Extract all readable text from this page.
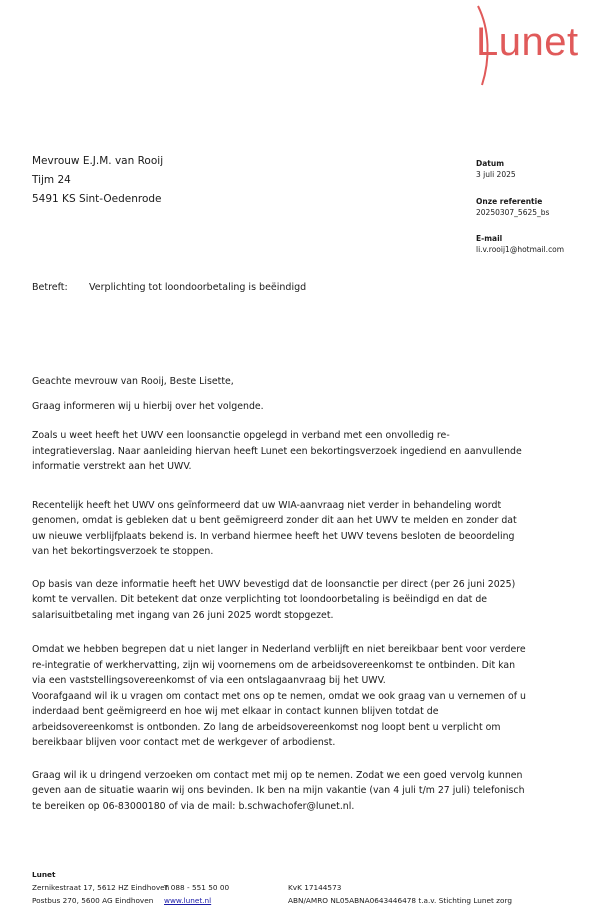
Lunet
Mevrouw E.J.M. van Rooij
Tijm 24
5491 KS Sint-Oedenrode
Datum
3 juli 2025
Onze referentie
20250307_5625_bs
E-mail
li.v.rooij1@hotmail.com
Betreft: Verplichting tot loondoorbetaling is beëindigd

Geachte mevrouw van Rooij, Beste Lisette,

Graag informeren wij u hierbij over het volgende.

Zoals u weet heeft het UWV een loonsanctie opgelegd in verband met een onvolledig re-

integratieverslag. Naar aanleiding hiervan heeft Lunet een bekortingsverzoek ingediend en aanvullende

informatie verstrekt aan het UWV.

Recentelijk heeft het UWV ons geïnformeerd dat uw WIA-aanvraag niet verder in behandeling wordt

genomen, omdat is gebleken dat u bent geëmigreerd zonder dit aan het UWV te melden en zonder dat

uw nieuwe verblijfplaats bekend is. In verband hiermee heeft het UWV tevens besloten de beoordeling

van het bekortingsverzoek te stoppen.

Op basis van deze informatie heeft het UWV bevestigd dat de loonsanctie per direct (per 26 juni 2025)

komt te vervallen. Dit betekent dat onze verplichting tot loondoorbetaling is beëindigd en dat de

salarisuitbetaling met ingang van 26 juni 2025 wordt stopgezet.

Omdat we hebben begrepen dat u niet langer in Nederland verblijft en niet bereikbaar bent voor verdere

re-integratie of werkhervatting, zijn wij voornemens om de arbeidsovereenkomst te ontbinden. Dit kan

via een vaststellingsovereenkomst of via een ontslagaanvraag bij het UWV.

Voorafgaand wil ik u vragen om contact met ons op te nemen, omdat we ook graag van u vernemen of u

inderdaad bent geëmigreerd en hoe wij met elkaar in contact kunnen blijven totdat de

arbeidsovereenkomst is ontbonden. Zo lang de arbeidsovereenkomst nog loopt bent u verplicht om

bereikbaar blijven voor contact met de werkgever of arbodienst.

Graag wil ik u dringend verzoeken om contact met mij op te nemen. Zodat we een goed vervolg kunnen

geven aan de situatie waarin wij ons bevinden. Ik ben na mijn vakantie (van 4 juli t/m 27 juli) telefonisch

te bereiken op 06-83000180 of via de mail: b.schwachofer@lunet.nl.

Lunet
Zernikestraat 17, 5612 HZ Eindhoven
Postbus 270, 5600 AG Eindhoven
T 088 - 551 50 00
www.lunet.nl
KvK 17144573
ABN/AMRO NL05ABNA0643446478 t.a.v. Stichting Lunet zorg
